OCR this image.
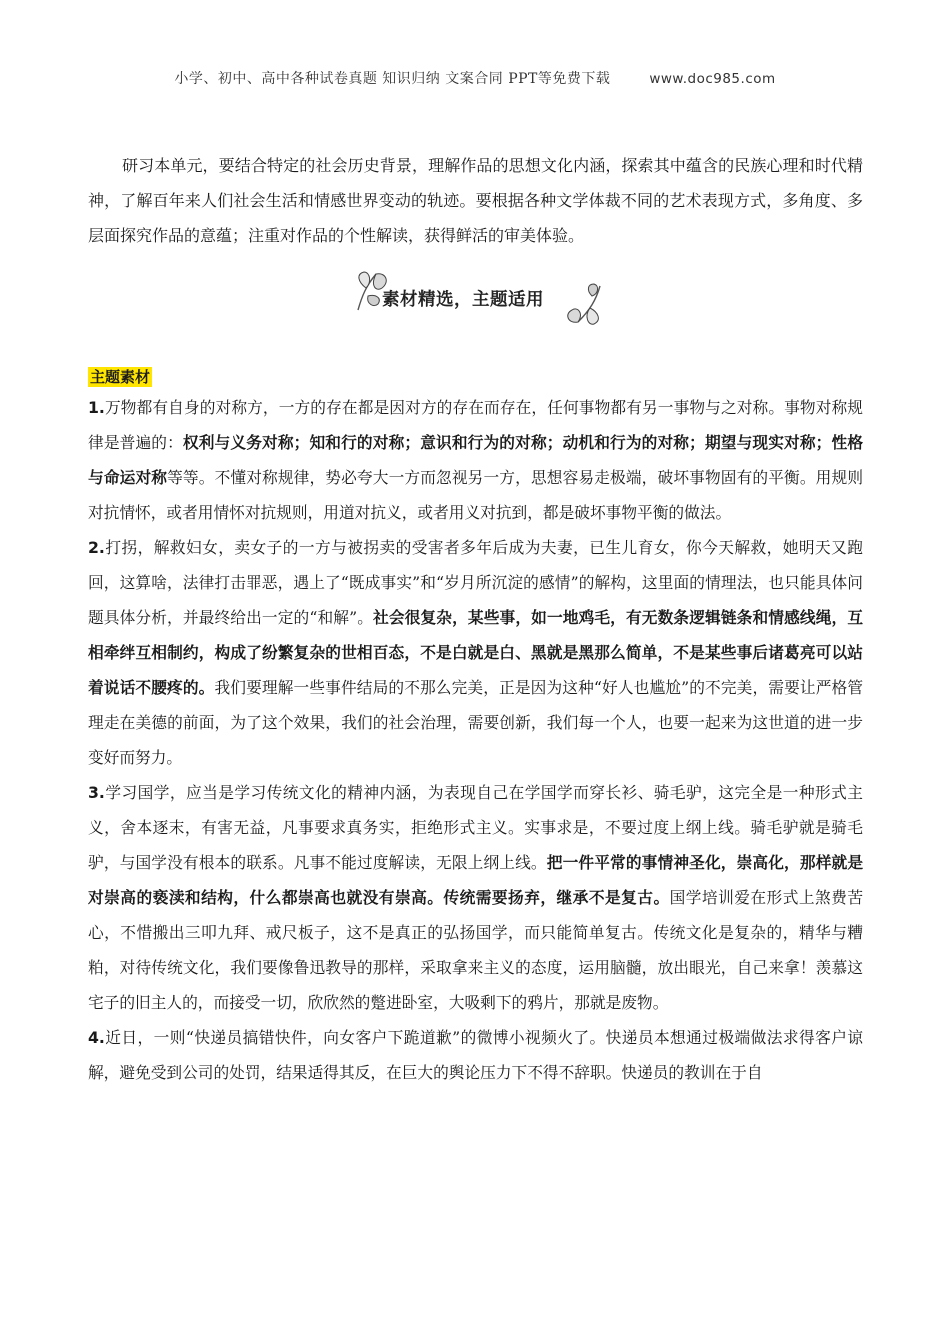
小学、初中、高中各种试卷真题 知识归纳 文案合同 PPT等免费下载	www.doc985.com
研习本单元，要结合特定的社会历史背景，理解作品的思想文化内涵，探索其中蕴含的民族心理和时代精神，了解百年来人们社会生活和情感世界变动的轨迹。要根据各种文学体裁不同的艺术表现方式，多角度、多层面探究作品的意蕴；注重对作品的个性解读，获得鲜活的审美体验。
素材精选，主题适用
主题素材

1.万物都有自身的对称方，一方的存在都是因对方的存在而存在，任何事物都有另一事物与之对称。事物对称规律是普遍的：权利与义务对称；知和行的对称；意识和行为的对称；动机和行为的对称；期望与现实对称；性格与命运对称等等。不懂对称规律，势必夸大一方而忽视另一方，思想容易走极端，破坏事物固有的平衡。用规则对抗情怀，或者用情怀对抗规则，用道对抗义，或者用义对抗到，都是破坏事物平衡的做法。

2.打拐，解救妇女，卖女子的一方与被拐卖的受害者多年后成为夫妻，已生儿育女，你今天解救，她明天又跑回，这算啥，法律打击罪恶，遇上了“既成事实”和“岁月所沉淀的感情”的解构，这里面的情理法，也只能具体问题具体分析，并最终给出一定的“和解”。社会很复杂，某些事，如一地鸡毛，有无数条逻辑链条和情感线绳，互相牵绊互相制约，构成了纷繁复杂的世相百态，不是白就是白、黑就是黑那么简单，不是某些事后诸葛亮可以站着说话不腰疼的。我们要理解一些事件结局的不那么完美，正是因为这种“好人也尴尬”的不完美，需要让严格管理走在美德的前面，为了这个效果，我们的社会治理，需要创新，我们每一个人，也要一起来为这世道的进一步变好而努力。

3.学习国学，应当是学习传统文化的精神内涵，为表现自己在学国学而穿长衫、骑毛驴，这完全是一种形式主义，舍本逐末，有害无益，凡事要求真务实，拒绝形式主义。实事求是，不要过度上纲上线。骑毛驴就是骑毛驴，与国学没有根本的联系。凡事不能过度解读，无限上纲上线。把一件平常的事情神圣化，崇高化，那样就是对崇高的亵渎和结构，什么都崇高也就没有崇高。传统需要扬弃，继承不是复古。国学培训爱在形式上煞费苦心，不惜搬出三叩九拜、戒尺板子，这不是真正的弘扬国学，而只能简单复古。传统文化是复杂的，精华与糟粕，对待传统文化，我们要像鲁迅教导的那样，采取拿来主义的态度，运用脑髓，放出眼光，自己来拿！羡慕这宅子的旧主人的，而接受一切，欣欣然的蹩进卧室，大吸剩下的鸦片，那就是废物。

4.近日，一则“快递员搞错快件，向女客户下跪道歉”的微博小视频火了。快递员本想通过极端做法求得客户谅解，避免受到公司的处罚，结果适得其反，在巨大的舆论压力下不得不辞职。快递员的教训在于自
